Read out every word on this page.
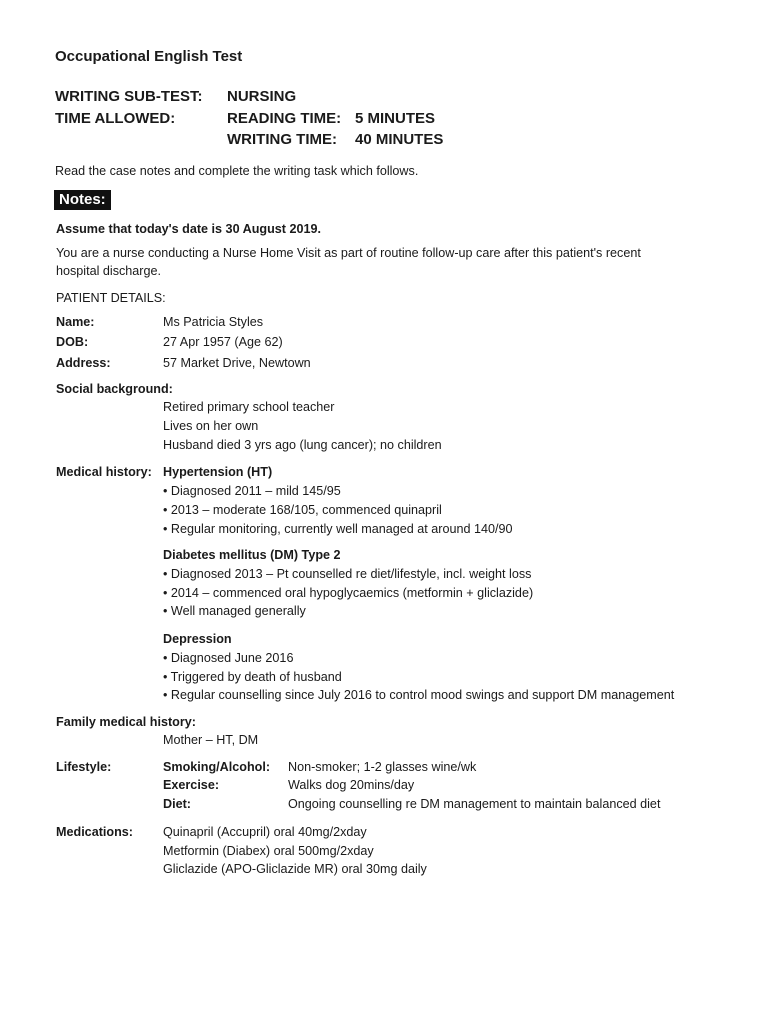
Occupational English Test
WRITING SUB-TEST: NURSING
TIME ALLOWED:	READING TIME: 5 MINUTES
WRITING TIME: 40 MINUTES
Read the case notes and complete the writing task which follows.
Notes:
Assume that today's date is 30 August 2019.
You are a nurse conducting a Nurse Home Visit as part of routine follow-up care after this patient's recent
hospital discharge.
PATIENT DETAILS:
Name:	Ms Patricia Styles
DOB:	27 Apr 1957 (Age 62)
Address:	57 Market Drive, Newtown
Social background:
Retired primary school teacher
Lives on her own
Husband died 3 yrs ago (lung cancer); no children
Medical history: Hypertension (HT)
• Diagnosed 2011 – mild 145/95
• 2013 – moderate 168/105, commenced quinapril
• Regular monitoring, currently well managed at around 140/90
Diabetes mellitus (DM) Type 2
• Diagnosed 2013 – Pt counselled re diet/lifestyle, incl. weight loss
• 2014 – commenced oral hypoglycaemics (metformin + gliclazide)
• Well managed generally
Depression
• Diagnosed June 2016
• Triggered by death of husband
• Regular counselling since July 2016 to control mood swings and support DM management
Family medical history:
Mother – HT, DM
Lifestyle:	Smoking/Alcohol: Non-smoker; 1-2 glasses wine/wk
Exercise:	Walks dog 20mins/day
Diet:	Ongoing counselling re DM management to maintain balanced diet
Medications: Quinapril (Accupril) oral 40mg/2xday
Metformin (Diabex) oral 500mg/2xday
Gliclazide (APO-Gliclazide MR) oral 30mg daily
